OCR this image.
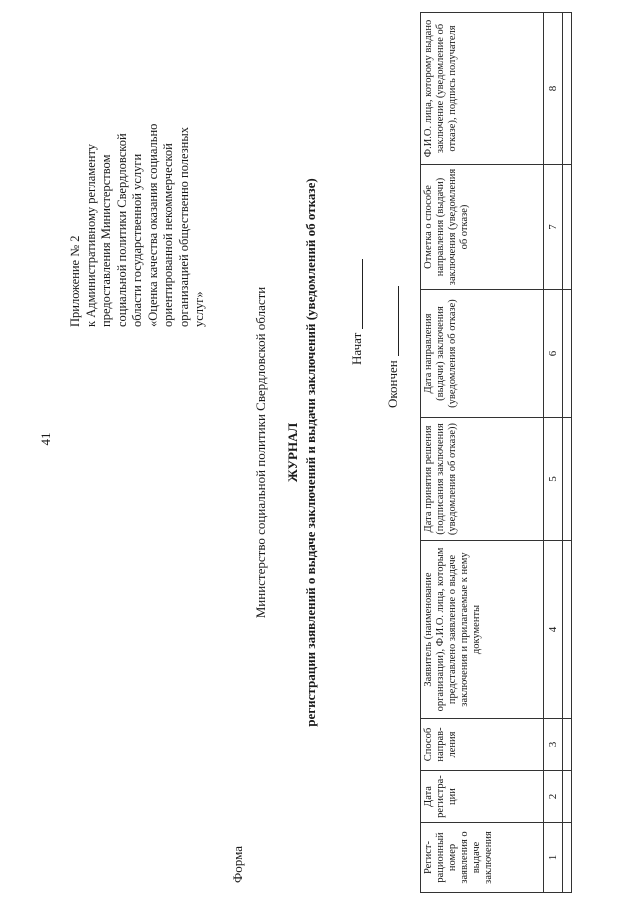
41
Приложение № 2 к Административному регламенту предоставления Министерством социальной политики Свердловской области государственной услуги «Оценка качества оказания социально ориентированной некоммерческой организацией общественно полезных услуг»
Форма
Министерство социальной политики Свердловской области ЖУРНАЛ регистрации заявлений о выдаче заключений и выдачи заключений (уведомлений об отказе) Начат
Окончен
Регист-рационный номер заявления о выдаче заключения	Дата регистра-ции	Способ направ-ления	Заявитель (наименование организации), Ф.И.О. лица, которым представлено заявление о выдаче заключения и прилагаемые к нему документы	Дата принятия решения (подписания заключения (уведомления об отказе))	Дата направления (выдачи) заключения (уведомления об отказе)	Отметка о способе направления (выдачи) заключения (уведомления об отказе)	Ф.И.О. лица, которому выдано заключение (уведомление об отказе), подпись получателя
1	2	3	4	5	6	7	8
